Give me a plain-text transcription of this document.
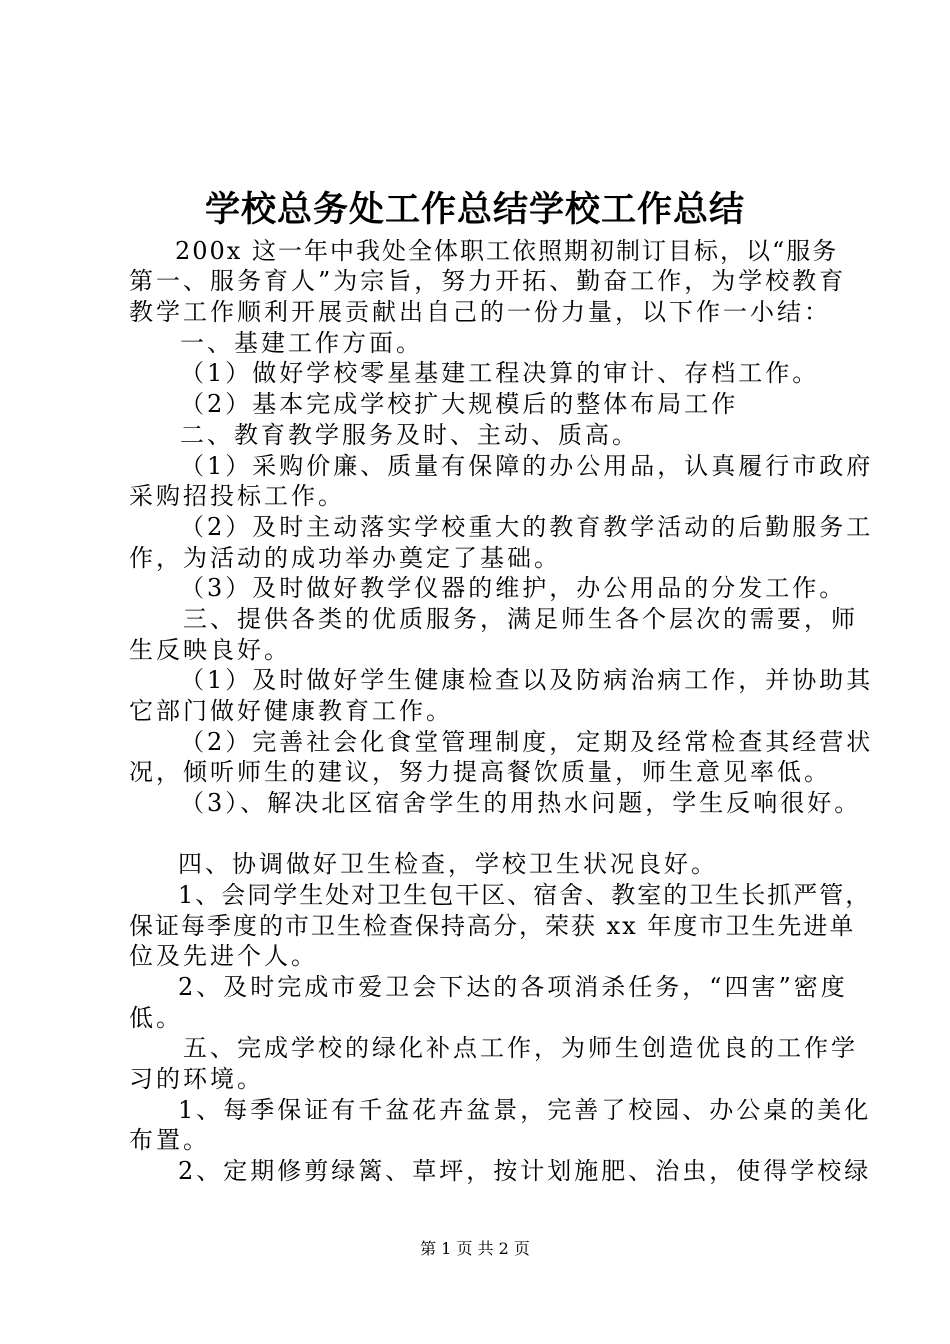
学校总务处工作总结学校工作总结
200x 这一年中我处全体职工依照期初制订目标，以“服务
第一、服务育人”为宗旨，努力开拓、勤奋工作，为学校教育
教学工作顺利开展贡献出自己的一份力量，以下作一小结：
一、基建工作方面。
（1）做好学校零星基建工程决算的审计、存档工作。
（2）基本完成学校扩大规模后的整体布局工作
二、教育教学服务及时、主动、质高。
（1）采购价廉、质量有保障的办公用品，认真履行市政府
采购招投标工作。
（2）及时主动落实学校重大的教育教学活动的后勤服务工
作，为活动的成功举办奠定了基础。
（3）及时做好教学仪器的维护，办公用品的分发工作。
三、提供各类的优质服务，满足师生各个层次的需要，师
生反映良好。
（1）及时做好学生健康检查以及防病治病工作，并协助其
它部门做好健康教育工作。
（2）完善社会化食堂管理制度，定期及经常检查其经营状
况，倾听师生的建议，努力提高餐饮质量，师生意见率低。
（3）、解决北区宿舍学生的用热水问题，学生反响很好。
四、协调做好卫生检查，学校卫生状况良好。
1、会同学生处对卫生包干区、宿舍、教室的卫生长抓严管，
保证每季度的市卫生检查保持高分，荣获 xx 年度市卫生先进单
位及先进个人。
2、及时完成市爱卫会下达的各项消杀任务，“四害”密度
低。
五、完成学校的绿化补点工作，为师生创造优良的工作学
习的环境。
1、每季保证有千盆花卉盆景，完善了校园、办公桌的美化
布置。
2、定期修剪绿篱、草坪，按计划施肥、治虫，使得学校绿
第 1 页 共 2 页
